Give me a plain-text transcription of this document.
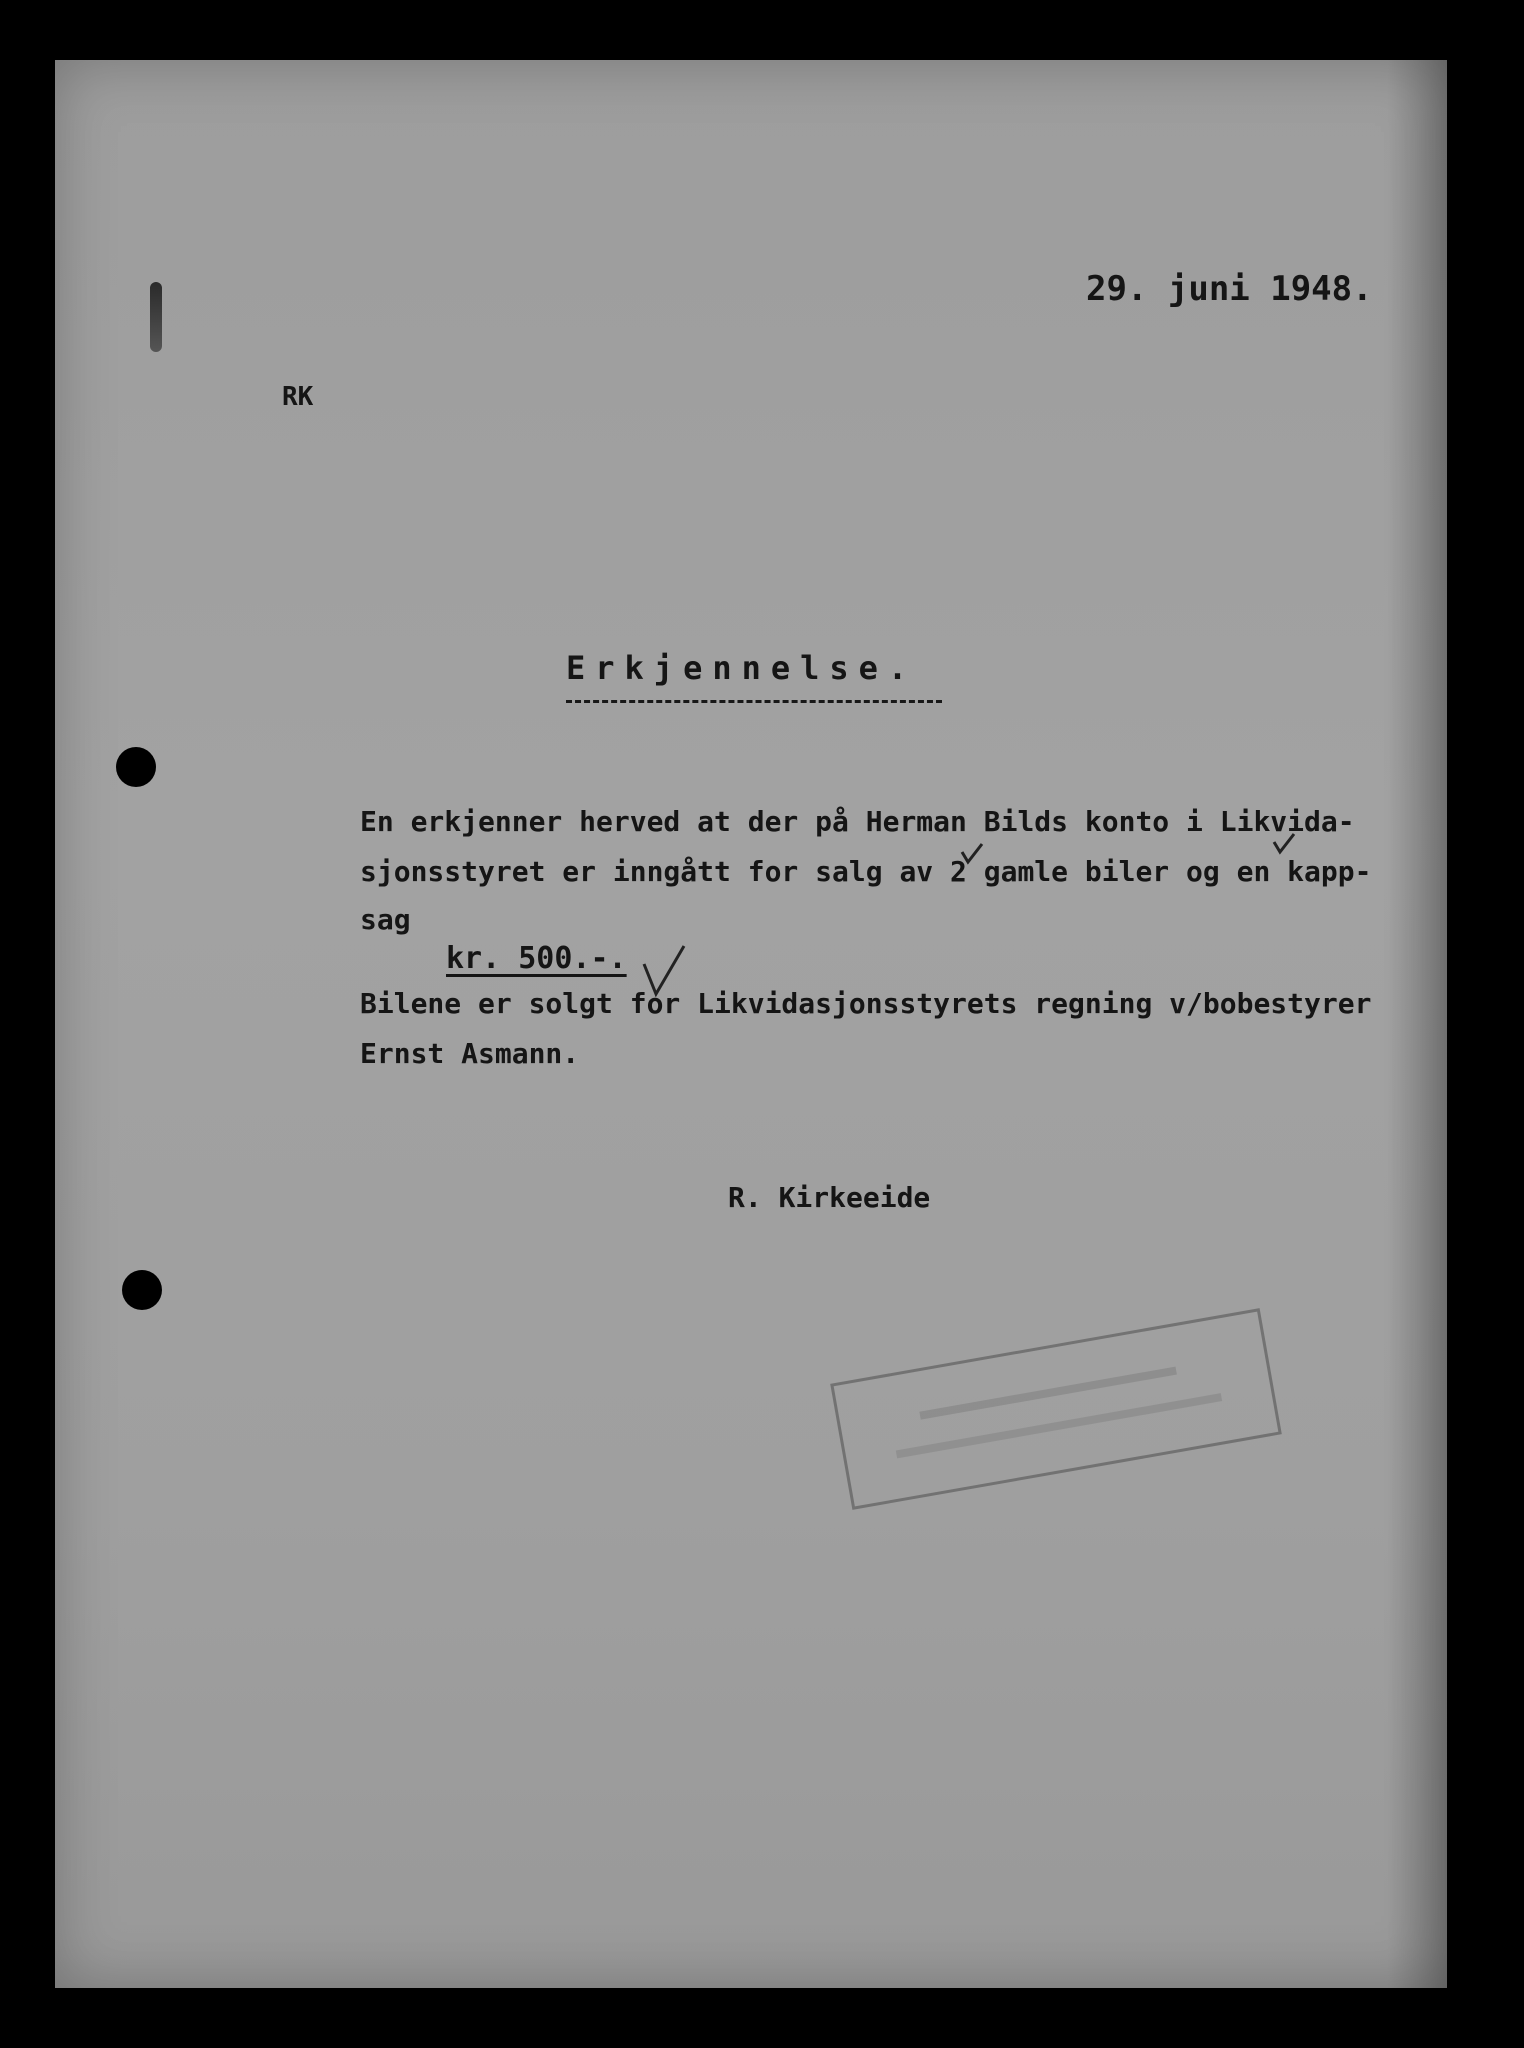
29. juni 1948.
RK
Erkjennelse.
En erkjenner herved at der på Herman Bilds konto i Likvida-
sjonsstyret er inngått for salg av 2 gamle biler og en kapp-
sag
kr. 500.-.
Bilene er solgt for Likvidasjonsstyrets regning v/bobestyrer
Ernst Asmann.
R. Kirkeeide
